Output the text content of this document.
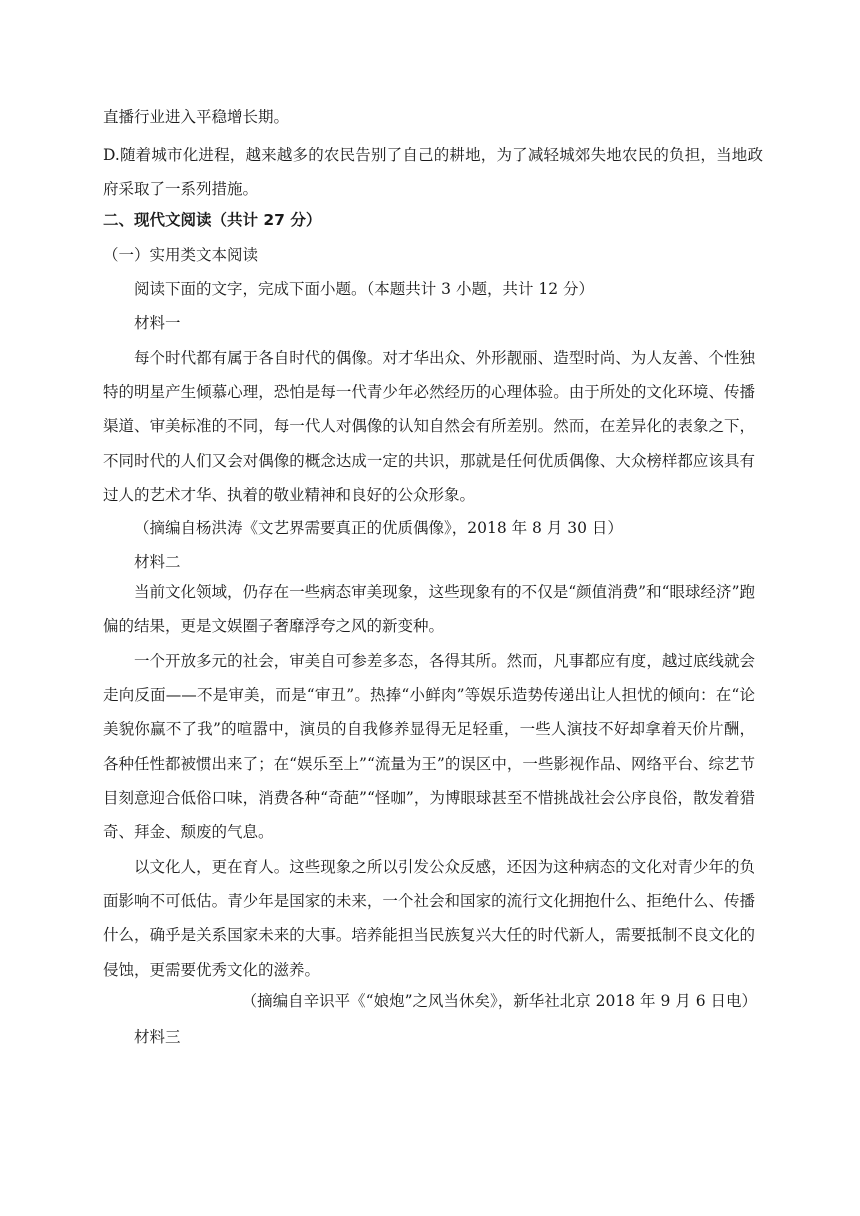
直播行业进入平稳增长期。

D.随着城市化进程，越来越多的农民告别了自己的耕地，为了减轻城郊失地农民的负担，当地政府采取了一系列措施。

二、现代文阅读（共计 27 分）
（一）实用类文本阅读
阅读下面的文字，完成下面小题。（本题共计 3 小题，共计 12 分）
材料一

每个时代都有属于各自时代的偶像。对才华出众、外形靓丽、造型时尚、为人友善、个性独特的明星产生倾慕心理，恐怕是每一代青少年必然经历的心理体验。由于所处的文化环境、传播渠道、审美标准的不同，每一代人对偶像的认知自然会有所差别。然而，在差异化的表象之下，不同时代的人们又会对偶像的概念达成一定的共识，那就是任何优质偶像、大众榜样都应该具有过人的艺术才华、执着的敬业精神和良好的公众形象。

（摘编自杨洪涛《文艺界需要真正的优质偶像》，2018 年 8 月 30 日）
材料二

当前文化领域，仍存在一些病态审美现象，这些现象有的不仅是“颜值消费”和“眼球经济”跑偏的结果，更是文娱圈子奢靡浮夸之风的新变种。

一个开放多元的社会，审美自可参差多态，各得其所。然而，凡事都应有度，越过底线就会走向反面——不是审美，而是“审丑”。热捧“小鲜肉”等娱乐造势传递出让人担忧的倾向：在“论美貌你赢不了我”的喧嚣中，演员的自我修养显得无足轻重，一些人演技不好却拿着天价片酬，各种任性都被惯出来了；在“娱乐至上”“流量为王”的误区中，一些影视作品、网络平台、综艺节目刻意迎合低俗口味，消费各种“奇葩”“怪咖”，为博眼球甚至不惜挑战社会公序良俗，散发着猎奇、拜金、颓废的气息。

以文化人，更在育人。这些现象之所以引发公众反感，还因为这种病态的文化对青少年的负面影响不可低估。青少年是国家的未来，一个社会和国家的流行文化拥抱什么、拒绝什么、传播什么，确乎是关系国家未来的大事。培养能担当民族复兴大任的时代新人，需要抵制不良文化的侵蚀，更需要优秀文化的滋养。

（摘编自辛识平《“娘炮”之风当休矣》，新华社北京 2018 年 9 月 6 日电）
材料三
